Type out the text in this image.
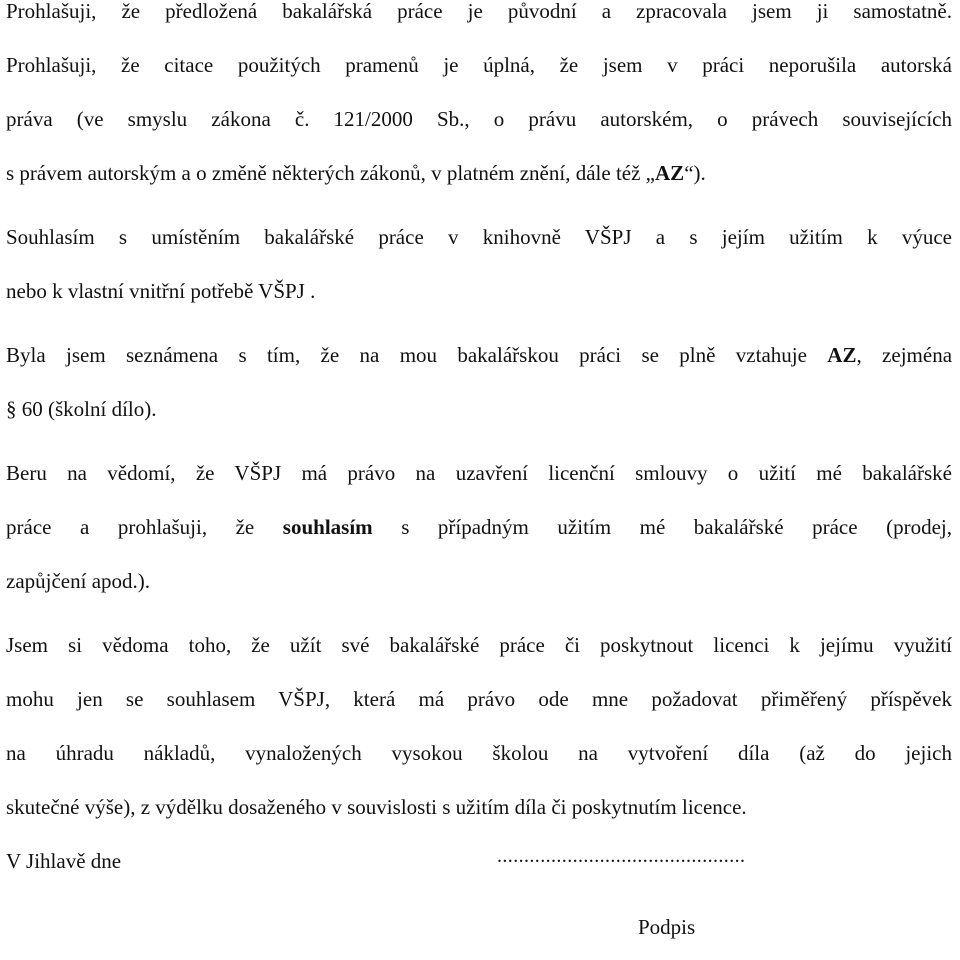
Prohlašuji, že předložená bakalářská práce je původní a zpracovala jsem ji samostatně.
Prohlašuji, že citace použitých pramenů je úplná, že jsem v práci neporušila autorská
práva (ve smyslu zákona č. 121/2000 Sb., o právu autorském, o právech souvisejících
s právem autorským a o změně některých zákonů, v platném znění, dále též „AZ“).
Souhlasím s umístěním bakalářské práce v knihovně VŠPJ a s jejím užitím k výuce
nebo k vlastní vnitřní potřebě VŠPJ .
Byla jsem seznámena s tím, že na mou bakalářskou práci se plně vztahuje AZ, zejména
§ 60 (školní dílo).
Beru na vědomí, že VŠPJ má právo na uzavření licenční smlouvy o užití mé bakalářské
práce a prohlašuji, že souhlasím s případným užitím mé bakalářské práce (prodej,
zapůjčení apod.).
Jsem si vědoma toho, že užít své bakalářské práce či poskytnout licenci k jejímu využití
mohu jen se souhlasem VŠPJ, která má právo ode mne požadovat přiměřený příspěvek
na úhradu nákladů, vynaložených vysokou školou na vytvoření díla (až do jejich
skutečné výše), z výdělku dosaženého v souvislosti s užitím díla či poskytnutím licence.
V Jihlavě dne	..............................................
Podpis
